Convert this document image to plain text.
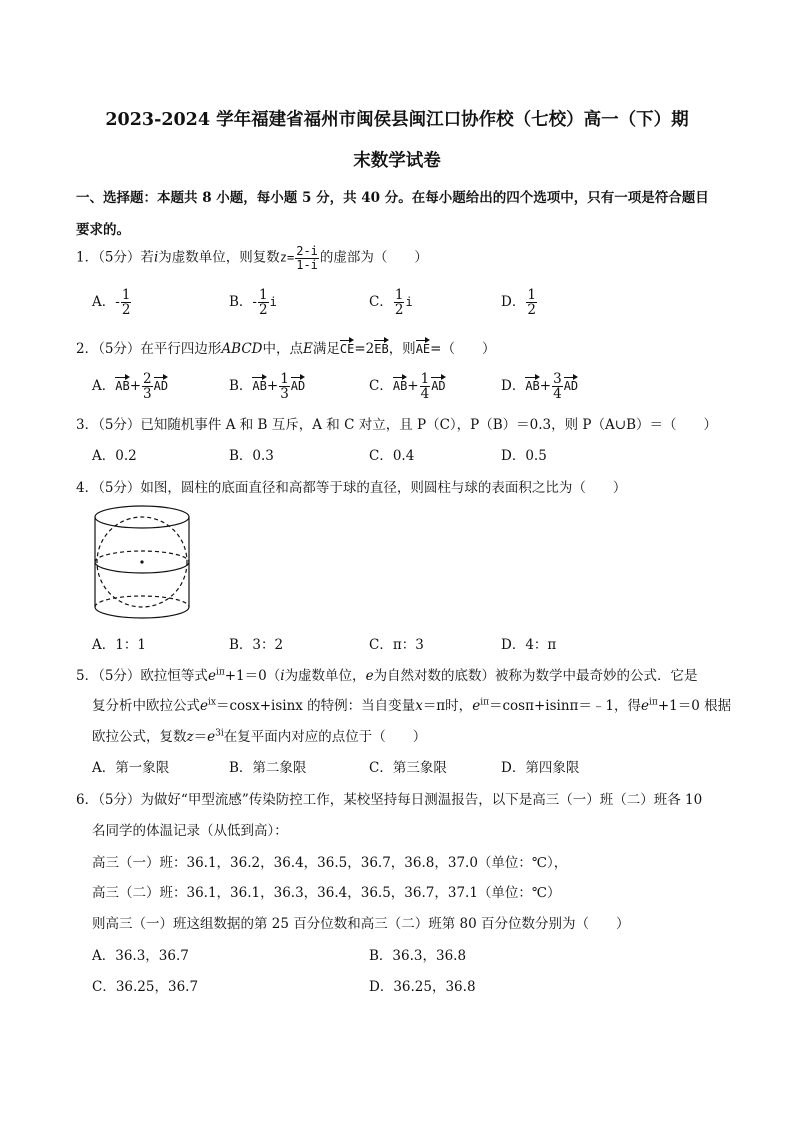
2023-2024 学年福建省福州市闽侯县闽江口协作校（七校）高一（下）期
末数学试卷
一、选择题：本题共 8 小题，每小题 5 分，共 40 分。在每小题给出的四个选项中，只有一项是符合题目
要求的。
1．（5分）若i为虚数单位，则复数$z= \frac{2-i}{1-i}$ 的虚部为（　　）
A．- $\frac{1}{2}$	B．- $\frac{1}{2}$ i	C． $\frac{1}{2}$ i	D． $\frac{1}{2}$
2．（5分）在平行四边形ABCD中，点E满足CE=2EB，则AE=（　　）
A．$AB+ \frac{2}{3}$ AD	B．$AB+ \frac{1}{3}$ AD	C．$AB+ \frac{1}{4}$ AD	D．$AB+ \frac{3}{4}$ AD
3．（5分）已知随机事件 A 和 B 互斥，A 和 C 对立，且 P（C），P（B）＝0.3，则 P（A∪B）＝（　　）
A．0.2	B．0.3	C．0.4	D．0.5
4．（5分）如图，圆柱的底面直径和高都等于球的直径，则圆柱与球的表面积之比为（　　）
A．1：1	B．3：2	C．π：3	D．4：π
5．（5分）欧拉恒等式$e^{i\pi}+1=0(i$为虚数单位，e为自然对数的底数）被称为数学中最奇妙的公式．它是
复分析中欧拉公式$e^{ix}=\cos x+isinx$ 的特例：当自变量x＝π时，$e^{i\pi}=\cos\pi+isin\pi=﹣1$，得$e^{i\pi}+1=0$ 根据
欧拉公式，复数$z=e^{3i}$在复平面内对应的点位于（　　）
A．第一象限	B．第二象限	C．第三象限	D．第四象限
6．（5分）为做好“甲型流感”传染防控工作，某校坚持每日测温报告，以下是高三（一）班（二）班各 10
名同学的体温记录（从低到高）：
高三（一）班：36.1，36.2，36.4，36.5，36.7，36.8，37.0（单位：℃），
高三（二）班：36.1，36.1，36.3，36.4，36.5，36.7，37.1（单位：℃）
则高三（一）班这组数据的第 25 百分位数和高三（二）班第 80 百分位数分别为（　　）
A．36.3，36.7	B．36.3，36.8
C．36.25，36.7	D．36.25，36.8
